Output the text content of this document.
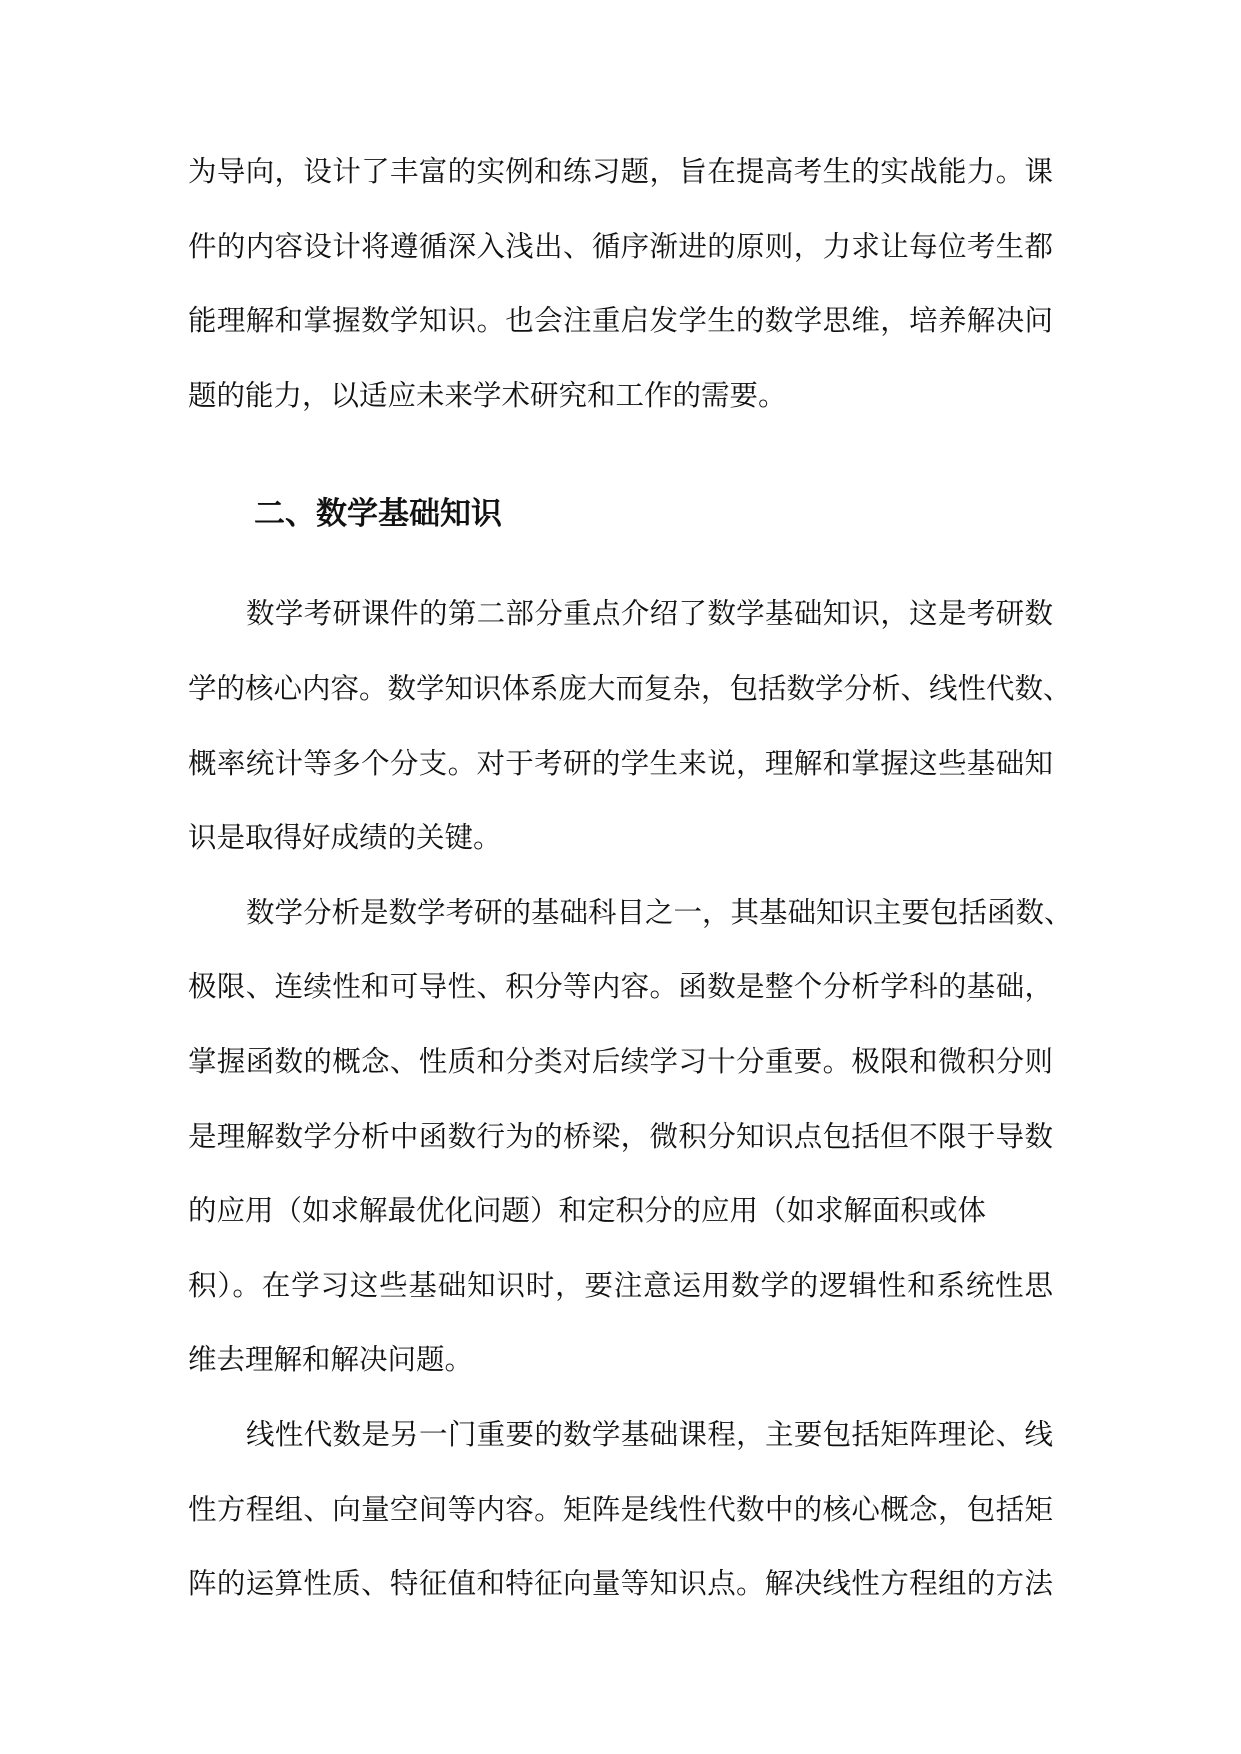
为导向，设计了丰富的实例和练习题，旨在提高考生的实战能力。课
件的内容设计将遵循深入浅出、循序渐进的原则，力求让每位考生都
能理解和掌握数学知识。也会注重启发学生的数学思维，培养解决问
题的能力，以适应未来学术研究和工作的需要。
二、数学基础知识
数学考研课件的第二部分重点介绍了数学基础知识，这是考研数
学的核心内容。数学知识体系庞大而复杂，包括数学分析、线性代数、
概率统计等多个分支。对于考研的学生来说，理解和掌握这些基础知
识是取得好成绩的关键。
数学分析是数学考研的基础科目之一，其基础知识主要包括函数、
极限、连续性和可导性、积分等内容。函数是整个分析学科的基础，
掌握函数的概念、性质和分类对后续学习十分重要。极限和微积分则
是理解数学分析中函数行为的桥梁，微积分知识点包括但不限于导数
的应用（如求解最优化问题）和定积分的应用（如求解面积或体
积）。在学习这些基础知识时，要注意运用数学的逻辑性和系统性思
维去理解和解决问题。
线性代数是另一门重要的数学基础课程，主要包括矩阵理论、线
性方程组、向量空间等内容。矩阵是线性代数中的核心概念，包括矩
阵的运算性质、特征值和特征向量等知识点。解决线性方程组的方法
